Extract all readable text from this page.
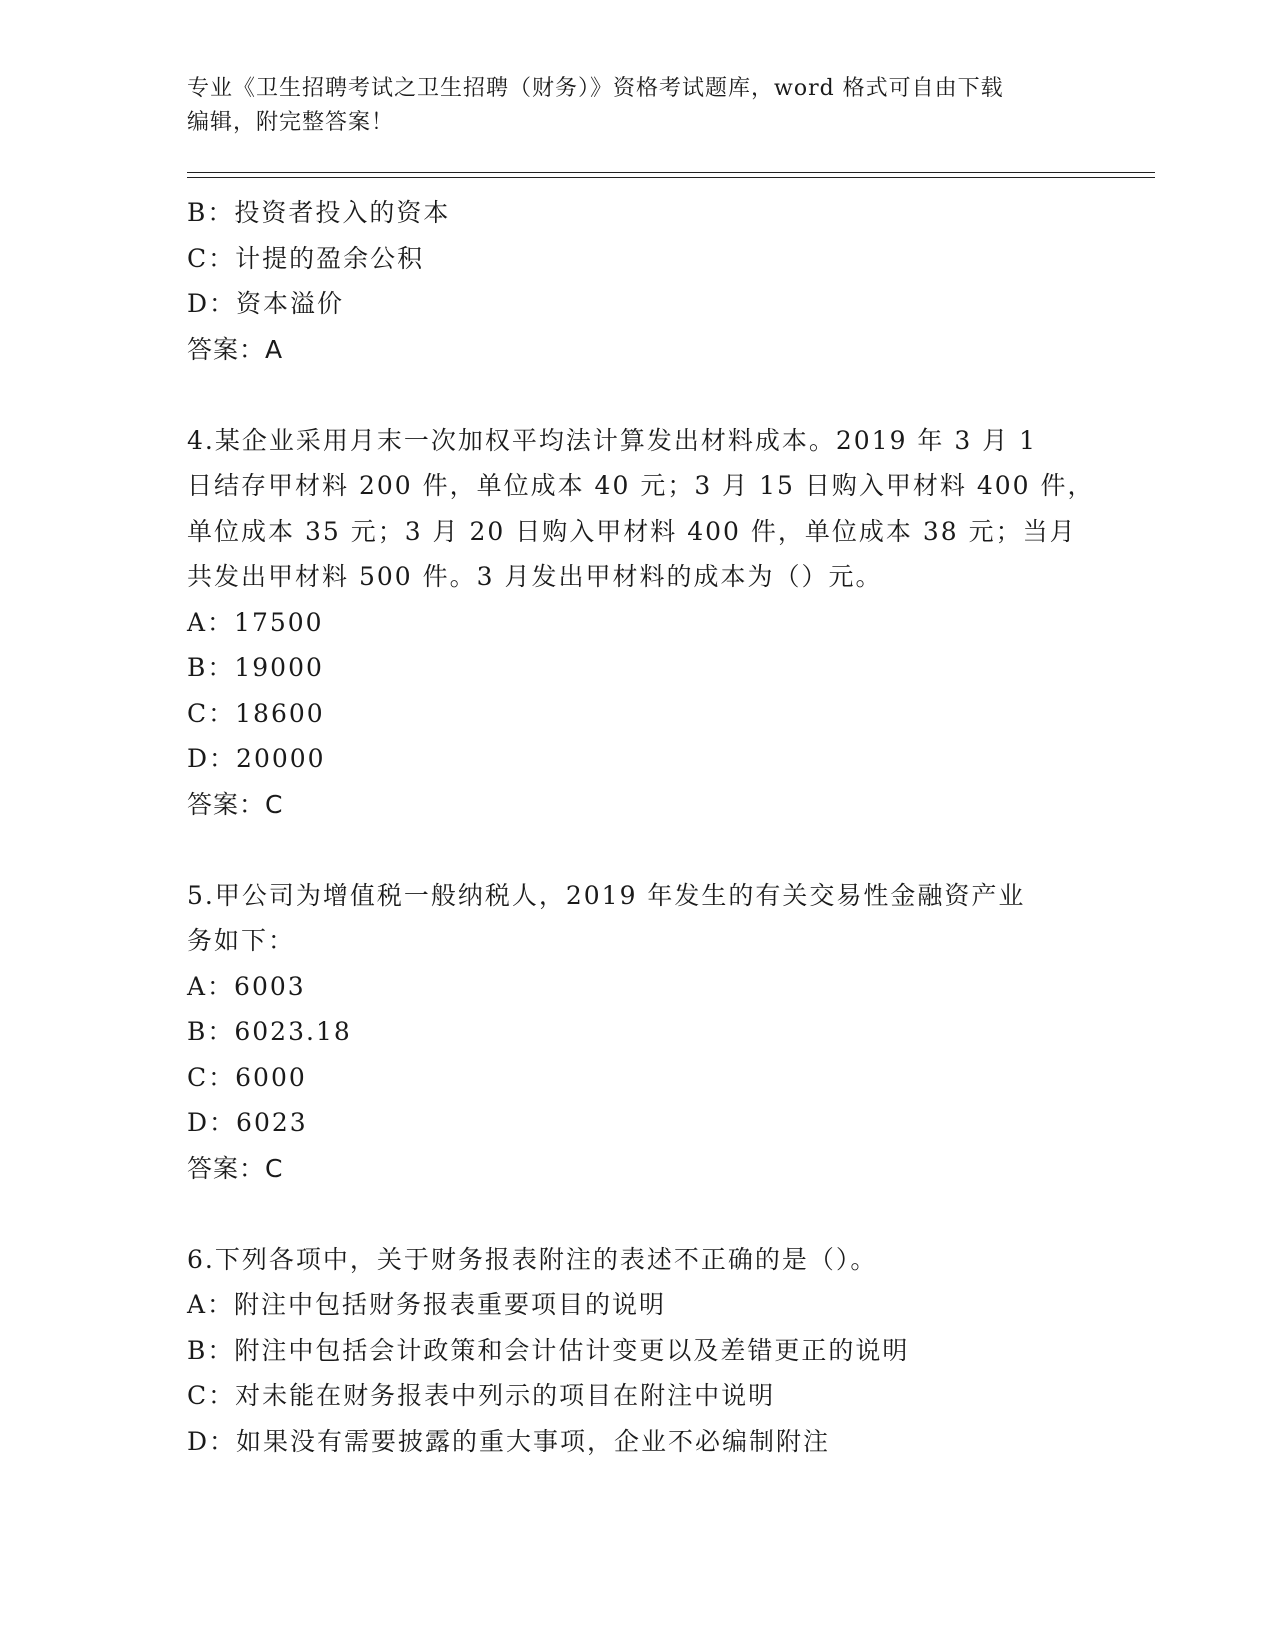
专业《卫生招聘考试之卫生招聘（财务）》资格考试题库，word 格式可自由下载
编辑，附完整答案！
B：投资者投入的资本
C：计提的盈余公积
D：资本溢价
答案：A
4.某企业采用月末一次加权平均法计算发出材料成本。2019 年 3 月 1
日结存甲材料 200 件，单位成本 40 元；3 月 15 日购入甲材料 400 件，
单位成本 35 元；3 月 20 日购入甲材料 400 件，单位成本 38 元；当月
共发出甲材料 500 件。3 月发出甲材料的成本为（）元。
A：17500
B：19000
C：18600
D：20000
答案：C
5.甲公司为增值税一般纳税人，2019 年发生的有关交易性金融资产业
务如下：
A：6003
B：6023.18
C：6000
D：6023
答案：C
6.下列各项中，关于财务报表附注的表述不正确的是（）。
A：附注中包括财务报表重要项目的说明
B：附注中包括会计政策和会计估计变更以及差错更正的说明
C：对未能在财务报表中列示的项目在附注中说明
D：如果没有需要披露的重大事项，企业不必编制附注
